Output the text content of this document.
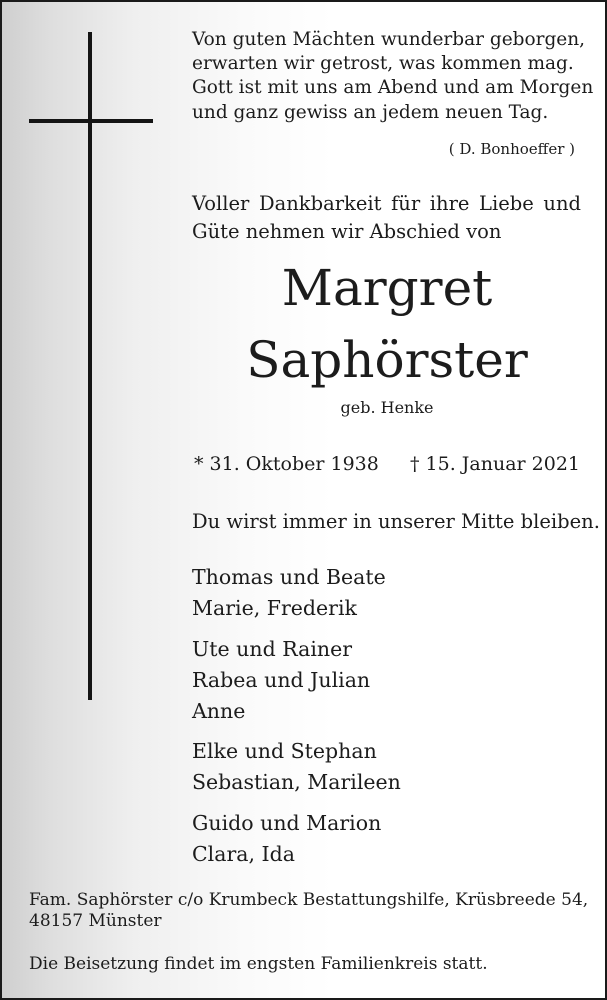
Von guten Mächten wunderbar geborgen,
erwarten wir getrost, was kommen mag.
Gott ist mit uns am Abend und am Morgen
und ganz gewiss an jedem neuen Tag.
( D. Bonhoeffer )
Voller Dankbarkeit für ihre Liebe und
Güte nehmen wir Abschied von
Margret
Saphörster
geb. Henke
* 31. Oktober 1938 † 15. Januar 2021
Du wirst immer in unserer Mitte bleiben.
Thomas und Beate
Marie, Frederik
Ute und Rainer
Rabea und Julian
Anne
Elke und Stephan
Sebastian, Marileen
Guido und Marion
Clara, Ida
Fam. Saphörster c/o Krumbeck Bestattungshilfe, Krüsbreede 54,
48157 Münster
Die Beisetzung findet im engsten Familienkreis statt.
